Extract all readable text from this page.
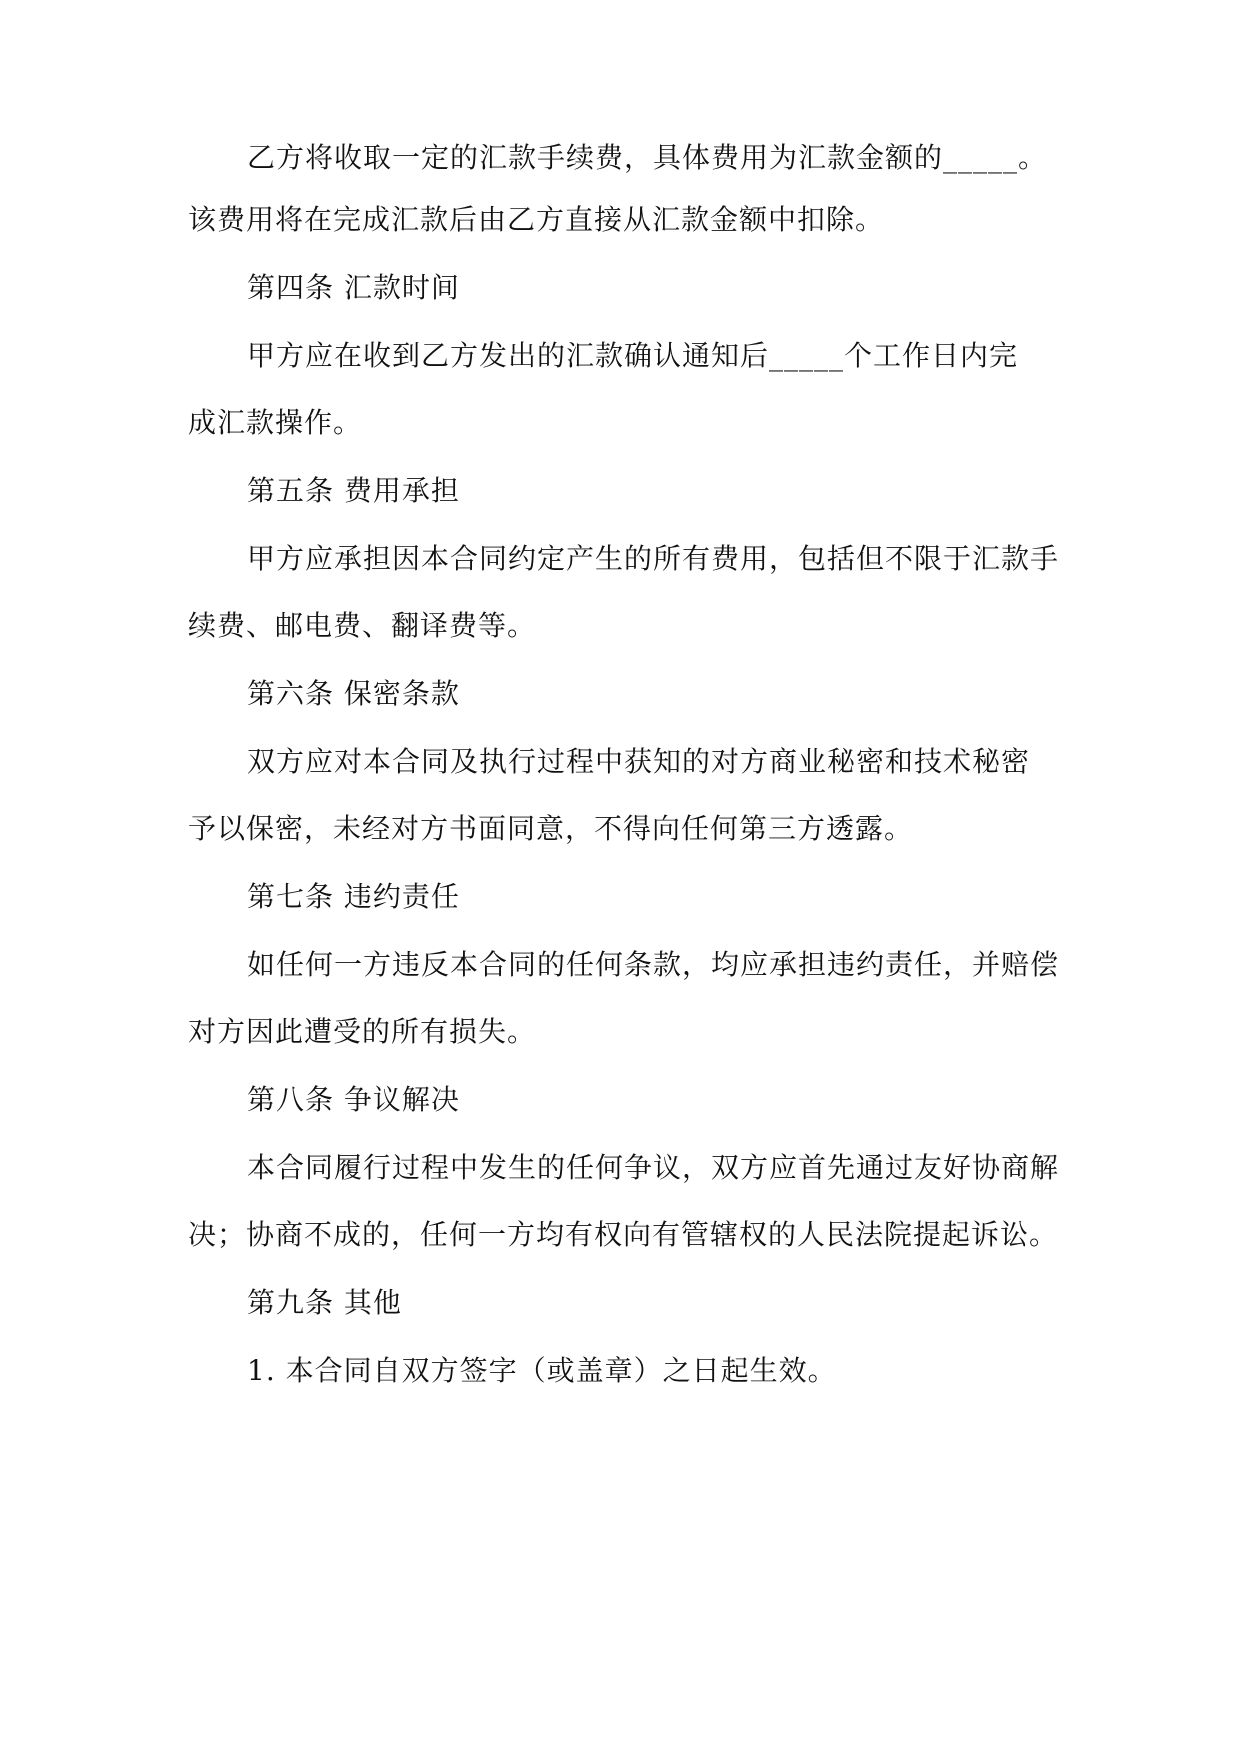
乙方将收取一定的汇款手续费，具体费用为汇款金额的_____。
该费用将在完成汇款后由乙方直接从汇款金额中扣除。
第四条 汇款时间
甲方应在收到乙方发出的汇款确认通知后_____个工作日内完
成汇款操作。
第五条 费用承担
甲方应承担因本合同约定产生的所有费用，包括但不限于汇款手
续费、邮电费、翻译费等。
第六条 保密条款
双方应对本合同及执行过程中获知的对方商业秘密和技术秘密
予以保密，未经对方书面同意，不得向任何第三方透露。
第七条 违约责任
如任何一方违反本合同的任何条款，均应承担违约责任，并赔偿
对方因此遭受的所有损失。
第八条 争议解决
本合同履行过程中发生的任何争议，双方应首先通过友好协商解
决；协商不成的，任何一方均有权向有管辖权的人民法院提起诉讼。
第九条 其他
1. 本合同自双方签字（或盖章）之日起生效。
